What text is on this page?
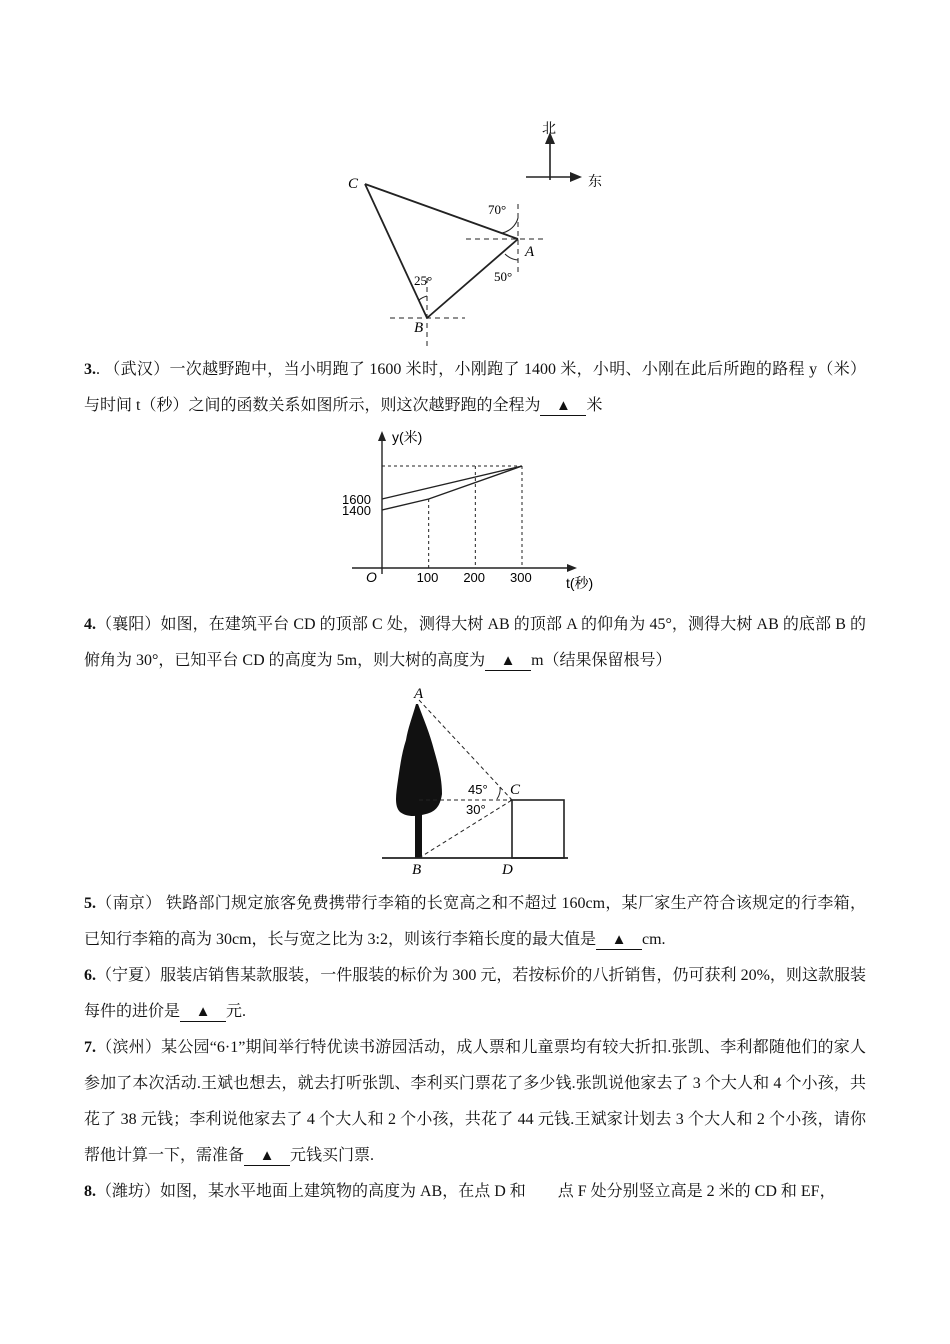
北
东
70°
50°
25°
C
A
B
3.. （武汉）一次越野跑中，当小明跑了 1600 米时，小刚跑了 1400 米，小明、小刚在此后所跑的路程 y（米）与时间 t（秒）之间的函数关系如图所示，则这次越野跑的全程为 ▲ 米
y(米)
t(秒)
O	100 200 300
1400
1600
4.（襄阳）如图，在建筑平台 CD 的顶部 C 处，测得大树 AB 的顶部 A 的仰角为 45°，测得大树 AB 的底部 B 的俯角为 30°，已知平台 CD 的高度为 5m，则大树的高度为 ▲ m（结果保留根号）
45°
30°
A
C
B	D
5.（南京） 铁路部门规定旅客免费携带行李箱的长宽高之和不超过 160cm，某厂家生产符合该规定的行李箱，已知行李箱的高为 30cm，长与宽之比为 3:2，则该行李箱长度的最大值是 ▲ cm.
6.（宁夏）服装店销售某款服装，一件服装的标价为 300 元，若按标价的八折销售，仍可获利 20%，则这款服装每件的进价是 ▲ 元.
7.（滨州）某公园“6·1”期间举行特优读书游园活动，成人票和儿童票均有较大折扣.张凯、李利都随他们的家人参加了本次活动.王斌也想去，就去打听张凯、李利买门票花了多少钱.张凯说他家去了 3 个大人和 4 个小孩，共花了 38 元钱；李利说他家去了 4 个大人和 2 个小孩，共花了 44 元钱.王斌家计划去 3 个大人和 2 个小孩，请你帮他计算一下，需准备 ▲ 元钱买门票.
8.（潍坊）如图，某水平地面上建筑物的高度为 AB，在点 D 和　　点 F 处分别竖立高是 2 米的 CD 和 EF，
